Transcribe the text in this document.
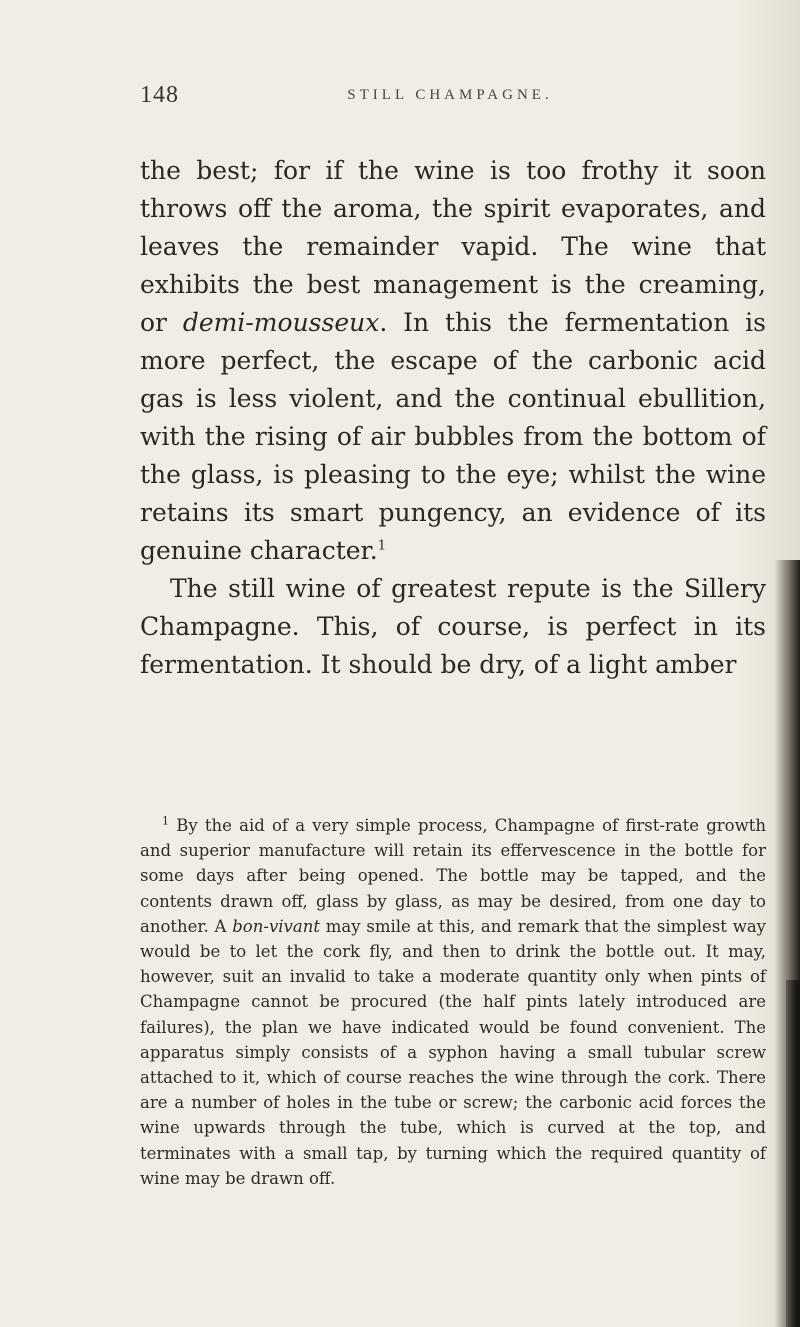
148	STILL CHAMPAGNE.

the best; for if the wine is too frothy it soon throws off the aroma, the spirit evaporates, and leaves the remainder vapid. The wine that exhibits the best management is the creaming, or demi-mousseux. In this the fermentation is more perfect, the escape of the carbonic acid gas is less violent, and the continual ebullition, with the rising of air bubbles from the bottom of the glass, is pleasing to the eye; whilst the wine retains its smart pungency, an evidence of its genuine character.$^1$

The still wine of greatest repute is the Sillery Champagne. This, of course, is perfect in its fermentation. It should be dry, of a light amber

$^1$ By the aid of a very simple process, Champagne of first-rate growth and superior manufacture will retain its effervescence in the bottle for some days after being opened. The bottle may be tapped, and the contents drawn off, glass by glass, as may be desired, from one day to another. A bon-vivant may smile at this, and remark that the simplest way would be to let the cork fly, and then to drink the bottle out. It may, however, suit an invalid to take a moderate quantity only when pints of Champagne cannot be procured (the half pints lately introduced are failures), the plan we have indicated would be found convenient. The apparatus simply consists of a syphon having a small tubular screw attached to it, which of course reaches the wine through the cork. There are a number of holes in the tube or screw; the carbonic acid forces the wine upwards through the tube, which is curved at the top, and terminates with a small tap, by turning which the required quantity of wine may be drawn off.
